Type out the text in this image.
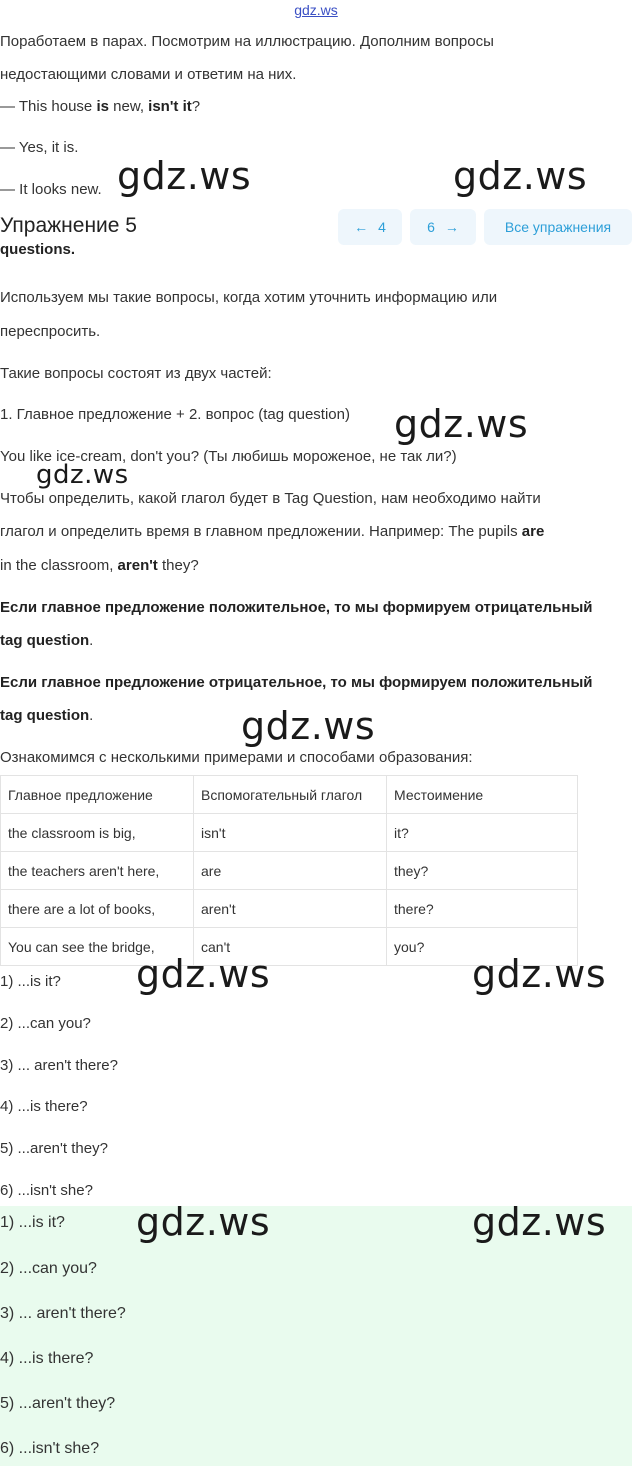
gdz.ws
Поработаем в парах. Посмотрим на иллюстрацию. Дополним вопросы
недостающими словами и ответим на них.
— This house is new, isn't it?
— Yes, it is.
— It looks new. gdz.ws	gdz.ws
Упражнение 5	← 4	6 →	Все упражнения
questions.
Используем мы такие вопросы, когда хотим уточнить информацию или
переспросить.
Такие вопросы состоят из двух частей:
1. Главное предложение + 2. вопрос (tag question)
You like ice-cream, don't you? (Ты любишь мороженое, не так ли?)
Чтобы определить, какой глагол будет в Tag Question, нам необходимо найти
глагол и определить время в главном предложении. Например: The pupils are
in the classroom, aren't they?
gdz.ws
gdz.ws
Если главное предложение положительное, то мы формируем отрицательный
tag question.
Если главное предложение отрицательное, то мы формируем положительный
tag question.	gdz.ws
Ознакомимся с несколькими примерами и способами образования:
Главное предложение	Вспомогательный глагол	Местоимение
the classroom is big,	isn't	it?
the teachers aren't here,	are	they?
there are a lot of books,	aren't	there?
You can see the bridge,	can't	you?
1) ...is it?
2) ...can you?
3) ... aren't there?
4) ...is there?
5) ...aren't they?
6) ...isn't she?
gdz.ws	gdz.ws
1) ...is it?
2) ...can you?
3) ... aren't there?
4) ...is there?
5) ...aren't they?
6) ...isn't she?
gdz.ws	gdz.ws
